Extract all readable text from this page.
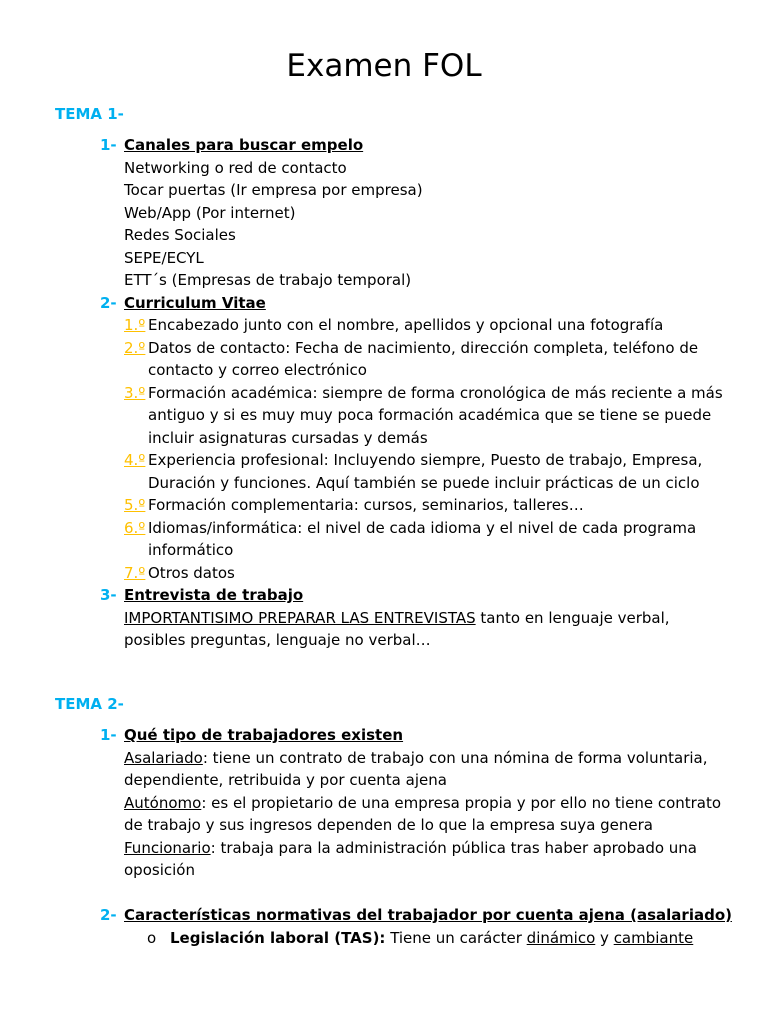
Examen FOL
TEMA 1-
1- Canales para buscar empelo
Networking o red de contacto
Tocar puertas (Ir empresa por empresa)
Web/App (Por internet)
Redes Sociales
SEPE/ECYL
ETT´s (Empresas de trabajo temporal)
2- Curriculum Vitae
1.º Encabezado junto con el nombre, apellidos y opcional una fotografía
2.º Datos de contacto: Fecha de nacimiento, dirección completa, teléfono de
contacto y correo electrónico
3.º Formación académica: siempre de forma cronológica de más reciente a más
antiguo y si es muy muy poca formación académica que se tiene se puede
incluir asignaturas cursadas y demás
4.º Experiencia profesional: Incluyendo siempre, Puesto de trabajo, Empresa,
Duración y funciones. Aquí también se puede incluir prácticas de un ciclo
5.º Formación complementaria: cursos, seminarios, talleres…
6.º Idiomas/informática: el nivel de cada idioma y el nivel de cada programa
informático
7.º Otros datos
3- Entrevista de trabajo
IMPORTANTISIMO PREPARAR LAS ENTREVISTAS tanto en lenguaje verbal,
posibles preguntas, lenguaje no verbal…
TEMA 2-
1- Qué tipo de trabajadores existen
Asalariado: tiene un contrato de trabajo con una nómina de forma voluntaria,
dependiente, retribuida y por cuenta ajena
Autónomo: es el propietario de una empresa propia y por ello no tiene contrato
de trabajo y sus ingresos dependen de lo que la empresa suya genera
Funcionario: trabaja para la administración pública tras haber aprobado una
oposición
2- Características normativas del trabajador por cuenta ajena (asalariado)
o Legislación laboral (TAS): Tiene un carácter dinámico y cambiante
